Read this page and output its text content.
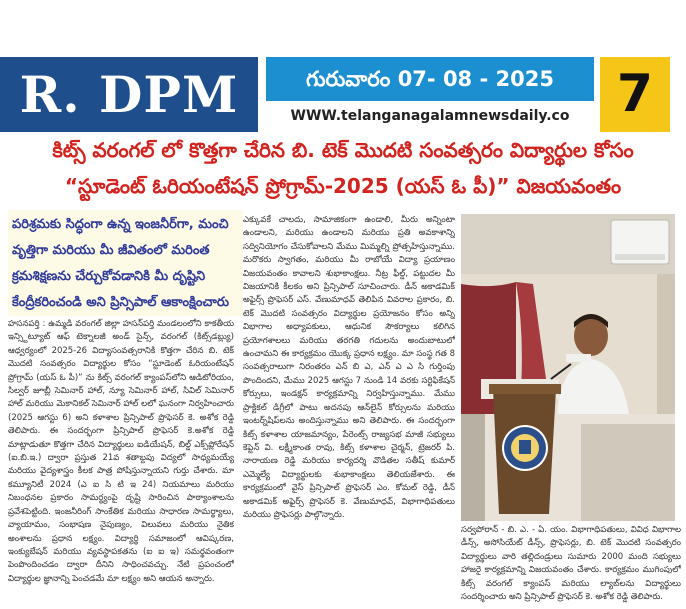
R. DPM	గురువారం 07- 08 - 2025
WWW.telanganagalamnewsdaily.co 7
కిట్స్ వరంగల్ లో కొత్తగా చేరిన బి. టెక్ మొదటి సంవత్సరం విద్యార్థుల కోసం
“స్టూడెంట్ ఓరియంటేషన్ ప్రోగ్రామ్-2025 (యస్ ఓ పీ)” విజయవంతం
పరిశ్రమకు సిద్ధంగా ఉన్న ఇంజనీర్‌గా, మంచి వృత్తిగా మరియు మీ జీవితంలో మరింత క్రమశిక్షణను చేర్చుకోవడానికి మీ దృష్టిని కేంద్రీకరించండి అని ప్రిన్సిపాల్ ఆకాంక్షించారు
హసనపర్తి : ఉమ్మడి వరంగల్ జిల్లా హసన్‌పర్తి మండలంలోని కాకతీయ ఇన్స్టిట్యూట్ ఆఫ్ టెక్నాలజీ అండ్ సైన్స్, వరంగల్ (కిట్స్‌డబ్ల్యు) ఆధ్వర్యంలో 2025-26 విద్యాసంవత్సరానికి కొత్తగా చేరిన బి. టెక్ మొదటి సంవత్సరం విద్యార్థుల కోసం “స్టూడెంట్ ఓరియంటేషన్ ప్రోగ్రామ్ (యస్ ఓ పీ)” ను కిట్స్ వరంగల్ క్యాంపస్‌లోని ఆడిటోరియం, సిల్వర్ జూబ్లీ సెమినార్ హాల్, న్యూ సెమినార్ హాల్, సివిల్ సెమినార్ హాల్ మరియు మెకానికల్ సెమినార్ హాల్ లలో ఘనంగా నిర్వహించారు (2025 ఆగస్టు 6) అని కళాశాల ప్రిన్సిపాల్ ప్రొఫెసర్ కె. అశోక రెడ్డి తెలిపారు. ఈ సందర్భంగా ప్రిన్సిపాల్ ప్రొఫెసర్ కె.అశోక రెడ్డి మాట్లాడుతూ కొత్తగా చేరిన విద్యార్థులు ఐడియేషన్, బిల్డ్ ఎక్స్‌ప్లోరేషన్ (ఐ.బి.ఇ.) ద్వారా ప్రస్తుత 21వ శతాబ్దపు విద్యలో సాధ్యమయ్యే మరియు వైద్యశాస్త్రం కీలక పాత్ర పోషిస్తున్నాయని గుర్తు చేశారు. మా కమ్యూనిటీ 2024 (ఎ ఐ సి టి ఇ 24) నియమాలు మరియు నిబంధనల ప్రకారం సామర్థ్యంపై దృష్టి సారించిన పాఠ్యాంశాలను ప్రవేశపెట్టింది. ఇంజనీరింగ్ సాంకేతిక మరియు సాధారణ సామర్థ్యాలు, వ్యాయామం, సంభాషణ నైపుణ్యం, విలువలు మరియు నైతిక అంశాలను ప్రధాన లక్ష్యం. విద్యార్థి సమాజంలో ఆవిష్కరణ, ఇంక్యుబేషన్ మరియు వ్యవస్థాపకతను (ఐ ఐ ఇ) సమర్థవంతంగా పెంపొందించడం ద్వారా దీనిని సాధించవచ్చు. నేటి ప్రపంచంలో విద్యార్థుల జ్ఞానాన్ని పెంచడమే మా లక్ష్యం అని ఆయన అన్నారు.
ఎక్కువకే చాలదు, సామాజికంగా ఉండాలి, మీరు అన్నింటా ఉండాలని, మరియు ఉండాలని మరియు ప్రతి అవకాశాన్ని సద్వినియోగం చేసుకోవాలని మేము మిమ్మల్ని ప్రోత్సహిస్తున్నాము. మరొకరు స్వాగతం, మరియు మీ రాబోయే విద్యా ప్రయాణం విజయవంతం కావాలని శుభాకాంక్షలు. నీట్ర ఫీల్డ్, పట్టుదల మీ విజయానికి కీలకం అని ప్రిన్సిపాల్ సూచించారు. డీన్ అకాడమిక్ అఫైర్స్ ప్రొఫెసర్ ఎస్. వేణుమాధవ్ తెలిపిన వివరాల ప్రకారం, బి. టెక్ మొదటి సంవత్సరం విద్యార్థుల ప్రయోజనం కోసం అన్ని విభాగాల అధ్యాపకులు, ఆధునిక సౌకర్యాలు కలిగిన ప్రయోగశాలలు మరియు తరగతి గదులను అందుబాటులో ఉంచామని ఈ కార్యక్రమం యొక్క ప్రధాన లక్ష్యం. మా సంస్థ గత 8 సంవత్సరాలుగా నిరంతరం ఎన్ బి ఎ, ఎన్ ఎ ఎ సి గుర్తింపు పొందిందని, మేము 2025 ఆగస్టు 7 నుండి 14 వరకు సర్టిఫికేషన్ కోర్సులు, ఇండక్షన్ కార్యక్రమాన్ని నిర్వహిస్తున్నాము. మేము ప్రాక్టికల్ డిగ్రీలో పాటు అదనపు ఆన్‌లైన్ కోర్సులను మరియు ఇంటర్న్‌షిప్‌లను అందిస్తున్నాము అని తెలిపారు. ఈ సందర్భంగా కిట్స్ కళాశాల యాజమాన్యం, పేరెంట్స్ రాజ్యసభ మాజీ సభ్యులు కెప్టెన్ వి. లక్ష్మీకాంత రావు, కిట్స్ కళాశాల చైర్మన్, ట్రెజరర్ పి. నారాయణ రెడ్డి మరియు కార్యదర్శి వొడితల సతీష్ కుమార్ ఎమ్మెల్యే విద్యార్థులకు శుభాకాంక్షలు తెలియజేశారు. ఈ కార్యక్రమంలో వైస్ ప్రిన్సిపాల్ ప్రొఫెసర్ ఎం. కోమల్ రెడ్డి, డీన్ అకాడమిక్ అఫైర్స్ ప్రొఫెసర్ కె. వేణుమాధవ్, విభాగాధిపతులు మరియు ప్రొఫెసర్లు పాల్గొన్నారు.
సర్వపోరాన్‌ - బి. ఎ. - ఏ. యం. విభాగాధిపతులు, వివిధ విభాగాల డీన్స్, అసోసియేట్ డీన్స్, ప్రొఫెసర్లు, బి. టెక్ మొదటి సంవత్సరం విద్యార్థులు వారి తల్లిదండ్రులు సుమారు 2000 మంది సభ్యులు హాజరై కార్యక్రమాన్ని విజయవంతం చేశారు. కార్యక్రమం ముగింపులో కిట్స్ వరంగల్ క్యాంపస్ మరియు ల్యాబ్‌లను విద్యార్థులు సందర్శించారు అని ప్రిన్సిపాల్ ప్రొఫెసర్ కె. అశోక రెడ్డి తెలిపారు.
